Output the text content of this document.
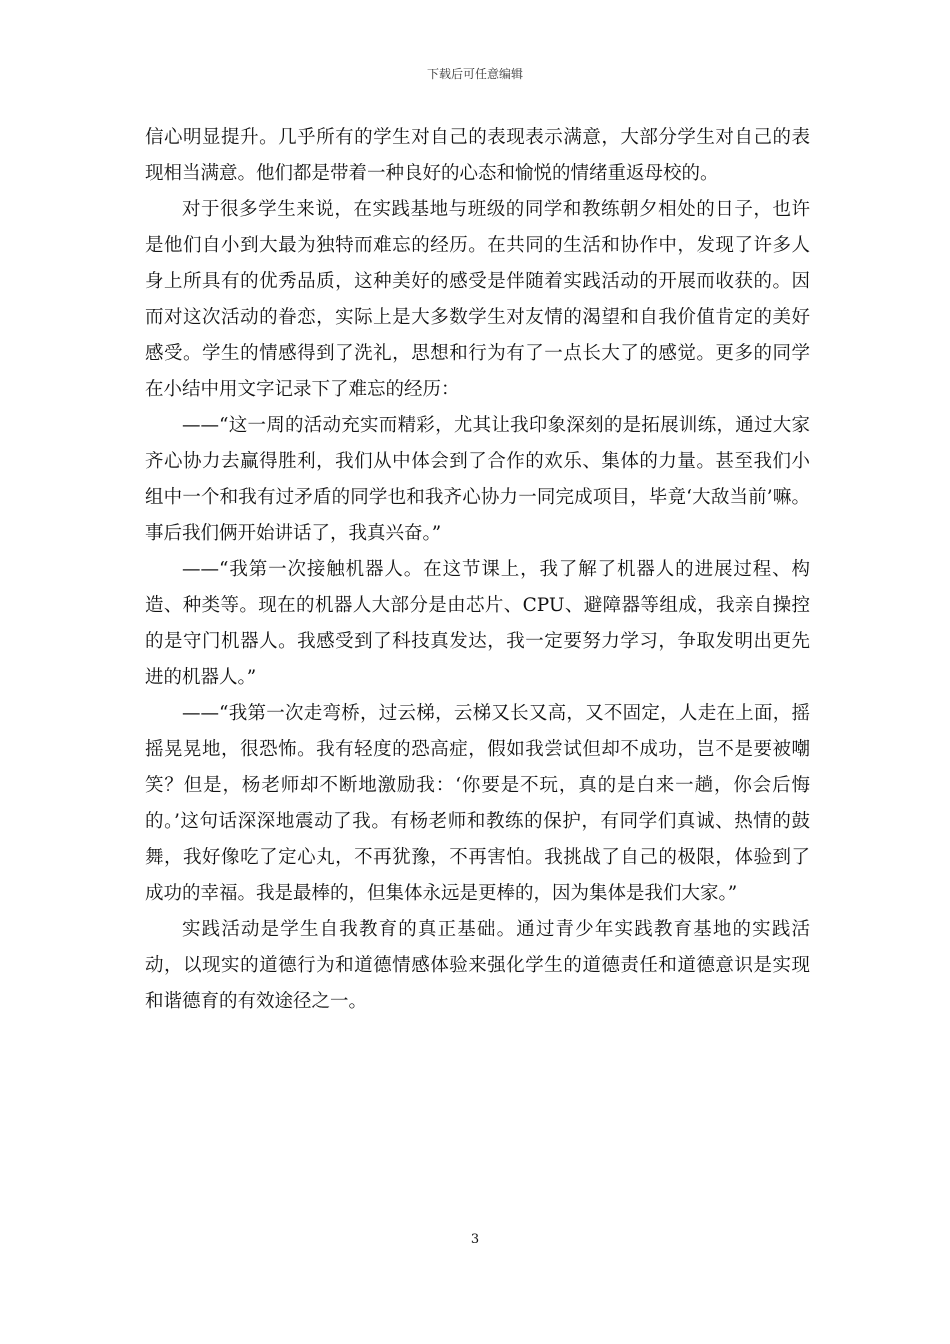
下载后可任意编辑

信心明显提升。几乎所有的学生对自己的表现表示满意，大部分学生对自己的表现相当满意。他们都是带着一种良好的心态和愉悦的情绪重返母校的。

对于很多学生来说，在实践基地与班级的同学和教练朝夕相处的日子，也许是他们自小到大最为独特而难忘的经历。在共同的生活和协作中，发现了许多人身上所具有的优秀品质，这种美好的感受是伴随着实践活动的开展而收获的。因而对这次活动的眷恋，实际上是大多数学生对友情的渴望和自我价值肯定的美好感受。学生的情感得到了洗礼，思想和行为有了一点长大了的感觉。更多的同学在小结中用文字记录下了难忘的经历：

——“这一周的活动充实而精彩，尤其让我印象深刻的是拓展训练，通过大家齐心协力去赢得胜利，我们从中体会到了合作的欢乐、集体的力量。甚至我们小组中一个和我有过矛盾的同学也和我齐心协力一同完成项目，毕竟‘大敌当前’嘛。事后我们俩开始讲话了，我真兴奋。”

——“我第一次接触机器人。在这节课上，我了解了机器人的进展过程、构造、种类等。现在的机器人大部分是由芯片、CPU、避障器等组成，我亲自操控的是守门机器人。我感受到了科技真发达，我一定要努力学习，争取发明出更先进的机器人。”

——“我第一次走弯桥，过云梯，云梯又长又高，又不固定，人走在上面，摇摇晃晃地，很恐怖。我有轻度的恐高症，假如我尝试但却不成功，岂不是要被嘲笑？但是，杨老师却不断地激励我：‘你要是不玩，真的是白来一趟，你会后悔的。’这句话深深地震动了我。有杨老师和教练的保护，有同学们真诚、热情的鼓舞，我好像吃了定心丸，不再犹豫，不再害怕。我挑战了自己的极限，体验到了成功的幸福。我是最棒的，但集体永远是更棒的，因为集体是我们大家。”

实践活动是学生自我教育的真正基础。通过青少年实践教育基地的实践活动，以现实的道德行为和道德情感体验来强化学生的道德责任和道德意识是实现和谐德育的有效途径之一。

3
